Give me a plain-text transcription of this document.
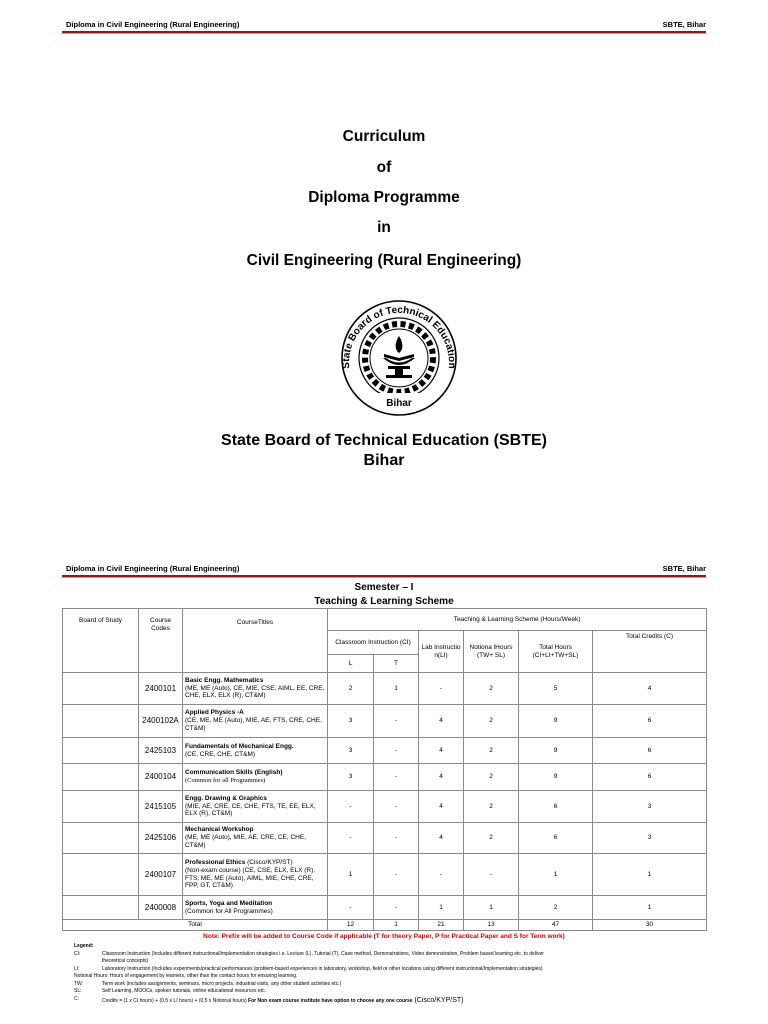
Diploma in Civil Engineering (Rural Engineering)	SBTE, Bihar
Curriculum
of
Diploma Programme
in
Civil Engineering (Rural Engineering)
State Board of Technical Education
Bihar
State Board of Technical Education (SBTE)
Bihar
Diploma in Civil Engineering (Rural Engineering)	SBTE, Bihar
Semester – I
Teaching & Learning Scheme
Board of Study	Course Codes	CourseTitles	Teaching & Learning Scheme (Hours/Week)					
			Classroom Instruction (CI)		Lab Instructio n(LI)	Notiona lHours (TW+ SL)	Total Hours (CI+LI+TW+SL)	Total Credits (C)
			L	T				
	2400101	Basic Engg. Mathematics
(ME, ME (Auto), CE, MIE, CSE, AIML, EE, CRE, CHE, ELX, ELX (R), CT&M)	2	1	-	2	5	4
	2400102A	Applied Physics -A
(CE, ME, ME (Auto), MIE, AE, FTS, CRE, CHE, CT&M)	3	-	4	2	9	6
	2425103	Fundamentals of Mechanical Engg.
(CE, CRE, CHE, CT&M)	3	-	4	2	9	6
	2400104	Communication Skills (English)
(Common for all Programmes)	3	-	4	2	9	6
	2415105	Engg. Drawing & Graphics
(MIE, AE, CRE, CE, CHE, FTS, TE, EE, ELX, ELX (R), CT&M)	-	-	4	2	6	3
	2425106	Mechanical Workshop
(ME, ME (Auto), MIE, AE, CRE, CE, CHE, CT&M)	-	-	4	2	6	3
	2400107	Professional Ethics (Cisco/KYP/ST)
(Non-exam course) (CE, CSE, ELX, ELX (R), FTS, ME, ME (Auto), AIML, MIE, CHE, CRE, FPP, GT, CT&M)	1	-	-	-	1	1
	2400008	Sports, Yoga and Meditation
(Common for All Programmes)	-	-	1	1	2	1
Total			12	1	21	13	47	30
Note: Prefix will be added to Course Code if applicable (T for theory Paper, P for Practical Paper and S for Term work)
Legend:
CI:	Classroom Instruction (Includes different instructional/implementation strategies i.e. Lecture (L), Tutorial (T), Case method, Demonstrations, Video demonstration, Problem based learning etc. to deliver
theoretical concepts)
LI:	Laboratory Instruction (Includes experiments/practical performances /problem-based experiences in laboratory, workshop, field or other locations using different instructional/Implementation strategies)
Notional Hours: Hours of engagement by learners, other than the contact hours for ensuring learning.
TW:	Term work (includes assignments, seminars, micro projects, industrial visits, any other student activities etc.)
SL:	Self Learning, MOOCs, spoken tutorials, online educational resources etc.
C:	Credits = (1 x CI hours) + (0.5 x LI hours) + (0.5 x Notional hours) For Non exam course institute have option to choose any one course (Cisco/KYP/ST)
